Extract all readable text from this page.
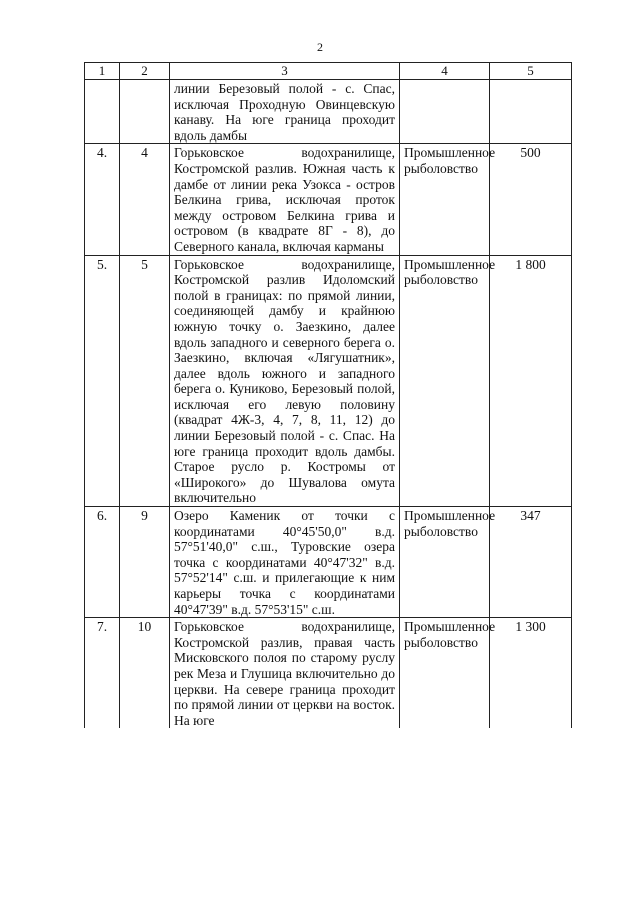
2
1	2	3	4	5
		линии Березовый полой - с. Спас, исключая Проходную Овинцевскую канаву. На юге граница проходит вдоль дамбы		
4.	4	Горьковское водохранилище, Костромской разлив. Южная часть к дамбе от линии река Узокса - остров Белкина грива, исключая проток между островом Белкина грива и островом (в квадрате 8Г - 8), до Северного канала, включая карманы	Промышленное рыболовство	500
5.	5	Горьковское водохранилище, Костромской разлив Идоломский полой в границах: по прямой линии, соединяющей дамбу и крайнюю южную точку о. Заезкино, далее вдоль западного и северного берега о. Заезкино, включая «Лягушатник», далее вдоль южного и западного берега о. Куниково, Березовый полой, исключая его левую половину (квадрат 4Ж-3, 4, 7, 8, 11, 12) до линии Березовый полой - с. Спас. На юге граница проходит вдоль дамбы. Старое русло р. Костромы от «Широкого» до Шувалова омута включительно	Промышленное рыболовство	1 800
6.	9	Озеро Каменик от точки с координатами 40°45'50,0" в.д. 57°51'40,0" с.ш., Туровские озера точка с координатами 40°47'32" в.д. 57°52'14" с.ш. и прилегающие к ним карьеры точка с координатами 40°47'39" в.д. 57°53'15" с.ш.	Промышленное рыболовство	347
7.	10	Горьковское водохранилище, Костромской разлив, правая часть Мисковского полоя по старому руслу рек Меза и Глушица включительно до церкви. На севере граница проходит по прямой линии от церкви на восток. На юге	Промышленное рыболовство	1 300
